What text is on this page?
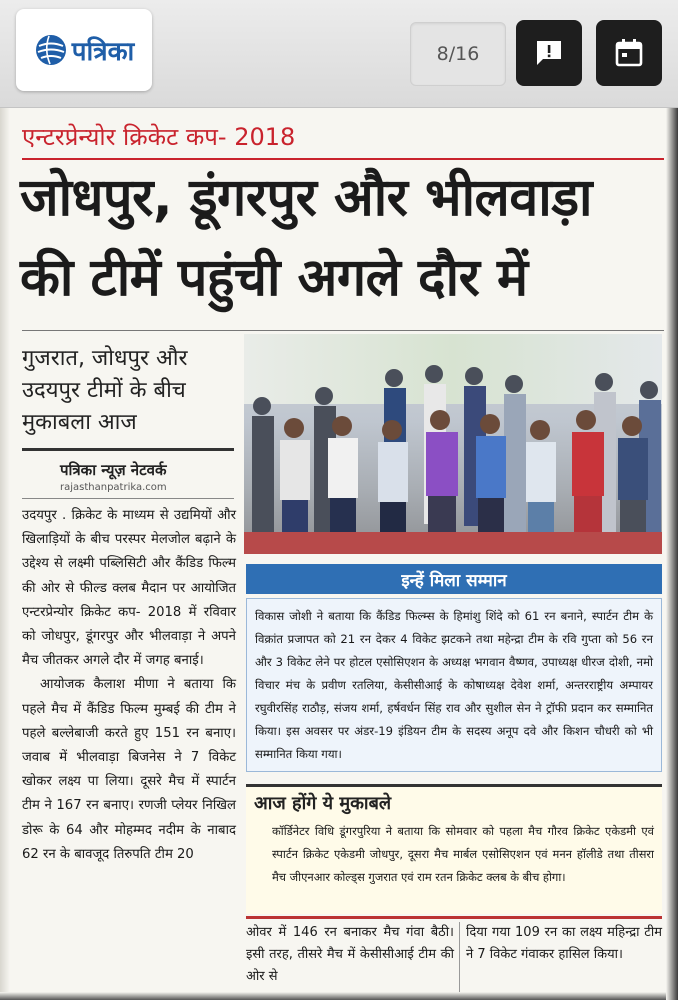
पत्रिका	8/16
एन्टरप्रेन्योर क्रिकेट कप- 2018
जोधपुर, डूंगरपुर और भीलवाड़ा
की टीमें पहुंची अगले दौर में
गुजरात, जोधपुर और
उदयपुर टीमों के बीच
मुकाबला आज
पत्रिका न्यूज़ नेटवर्क
rajasthanpatrika.com

उदयपुर . क्रिकेट के माध्यम से उद्यमियों और खिलाड़ियों के बीच परस्पर मेलजोल बढ़ाने के उद्देश्य से लक्ष्मी पब्लिसिटी और कैंडिड फिल्म की ओर से फील्ड क्लब मैदान पर आयोजित एन्टरप्रेन्योर क्रिकेट कप- 2018 में रविवार को जोधपुर, डूंगरपुर और भीलवाड़ा ने अपने मैच जीतकर अगले दौर में जगह बनाई।

आयोजक कैलाश मीणा ने बताया कि पहले मैच में कैंडिड फिल्म मुम्बई की टीम ने पहले बल्लेबाजी करते हुए 151 रन बनाए। जवाब में भीलवाड़ा बिजनेस ने 7 विकेट खोकर लक्ष्य पा लिया। दूसरे मैच में स्पार्टन टीम ने 167 रन बनाए। रणजी प्लेयर निखिल डोरू के 64 और मोहम्मद नदीम के नाबाद 62 रन के बावजूद तिरुपति टीम 20

इन्हें मिला सम्मान
विकास जोशी ने बताया कि कैंडिड फिल्म्स के हिमांशु शिंदे को 61 रन बनाने, स्पार्टन टीम के विक्रांत प्रजापत को 21 रन देकर 4 विकेट झटकने तथा महेन्द्रा टीम के रवि गुप्ता को 56 रन और 3 विकेट लेने पर होटल एसोसिएशन के अध्यक्ष भगवान वैष्णव, उपाध्यक्ष धीरज दोशी, नमो विचार मंच के प्रवीण रतलिया, केसीसीआई के कोषाध्यक्ष देवेश शर्मा, अन्तरराष्ट्रीय अम्पायर रघुवीरसिंह राठौड़, संजय शर्मा, हर्षवर्धन सिंह राव और सुशील सेन ने ट्रॉफी प्रदान कर सम्मानित किया। इस अवसर पर अंडर-19 इंडियन टीम के सदस्य अनूप दवे और किशन चौधरी को भी सम्मानित किया गया।
आज होंगे ये मुकाबले
कॉर्डिनेटर विधि डूंगरपुरिया ने बताया कि सोमवार को पहला मैच गौरव क्रिकेट एकेडमी एवं स्पार्टन क्रिकेट एकेडमी जोधपुर, दूसरा मैच मार्बल एसोसिएशन एवं मनन हॉलीडे तथा तीसरा मैच जीएनआर कोल्ड्स गुजरात एवं राम रतन क्रिकेट क्लब के बीच होगा।
ओवर में 146 रन बनाकर मैच गंवा बैठी। इसी तरह, तीसरे मैच में केसीसीआई टीम की ओर से
दिया गया 109 रन का लक्ष्य महिन्द्रा टीम ने 7 विकेट गंवाकर हासिल किया।
